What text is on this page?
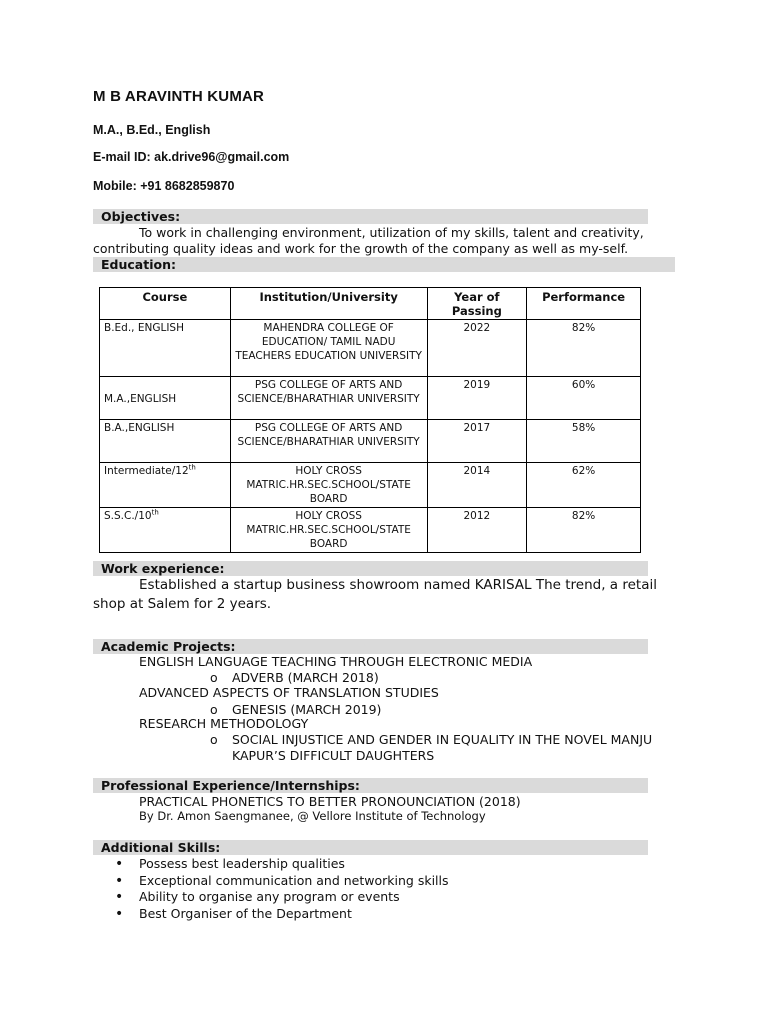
M B ARAVINTH KUMAR
M.A., B.Ed., English
E-mail ID: ak.drive96@gmail.com
Mobile: +91 8682859870
Objectives:
To work in challenging environment, utilization of my skills, talent and creativity,
contributing quality ideas and work for the growth of the company as well as my-self.
Education:
Course	Institution/University	Year of Passing	Performance
B.Ed., ENGLISH	MAHENDRA COLLEGE OF EDUCATION/ TAMIL NADU TEACHERS EDUCATION UNIVERSITY	2022	82%
M.A.,ENGLISH	PSG COLLEGE OF ARTS AND SCIENCE/BHARATHIAR UNIVERSITY	2019	60%
B.A.,ENGLISH	PSG COLLEGE OF ARTS AND SCIENCE/BHARATHIAR UNIVERSITY	2017	58%
Intermediate/12th	HOLY CROSS MATRIC.HR.SEC.SCHOOL/STATE BOARD	2014	62%
S.S.C./10th	HOLY CROSS MATRIC.HR.SEC.SCHOOL/STATE BOARD	2012	82%
Work experience:
Established a startup business showroom named KARISAL The trend, a retail
shop at Salem for 2 years.
Academic Projects:
ENGLISH LANGUAGE TEACHING THROUGH ELECTRONIC MEDIA
o ADVERB (MARCH 2018)
ADVANCED ASPECTS OF TRANSLATION STUDIES
o GENESIS (MARCH 2019)
RESEARCH METHODOLOGY
o SOCIAL INJUSTICE AND GENDER IN EQUALITY IN THE NOVEL MANJU
KAPUR’S DIFFICULT DAUGHTERS
Professional Experience/Internships:
PRACTICAL PHONETICS TO BETTER PRONOUNCIATION (2018)
By Dr. Amon Saengmanee, @ Vellore Institute of Technology
Additional Skills:
• Possess best leadership qualities
• Exceptional communication and networking skills
• Ability to organise any program or events
• Best Organiser of the Department
